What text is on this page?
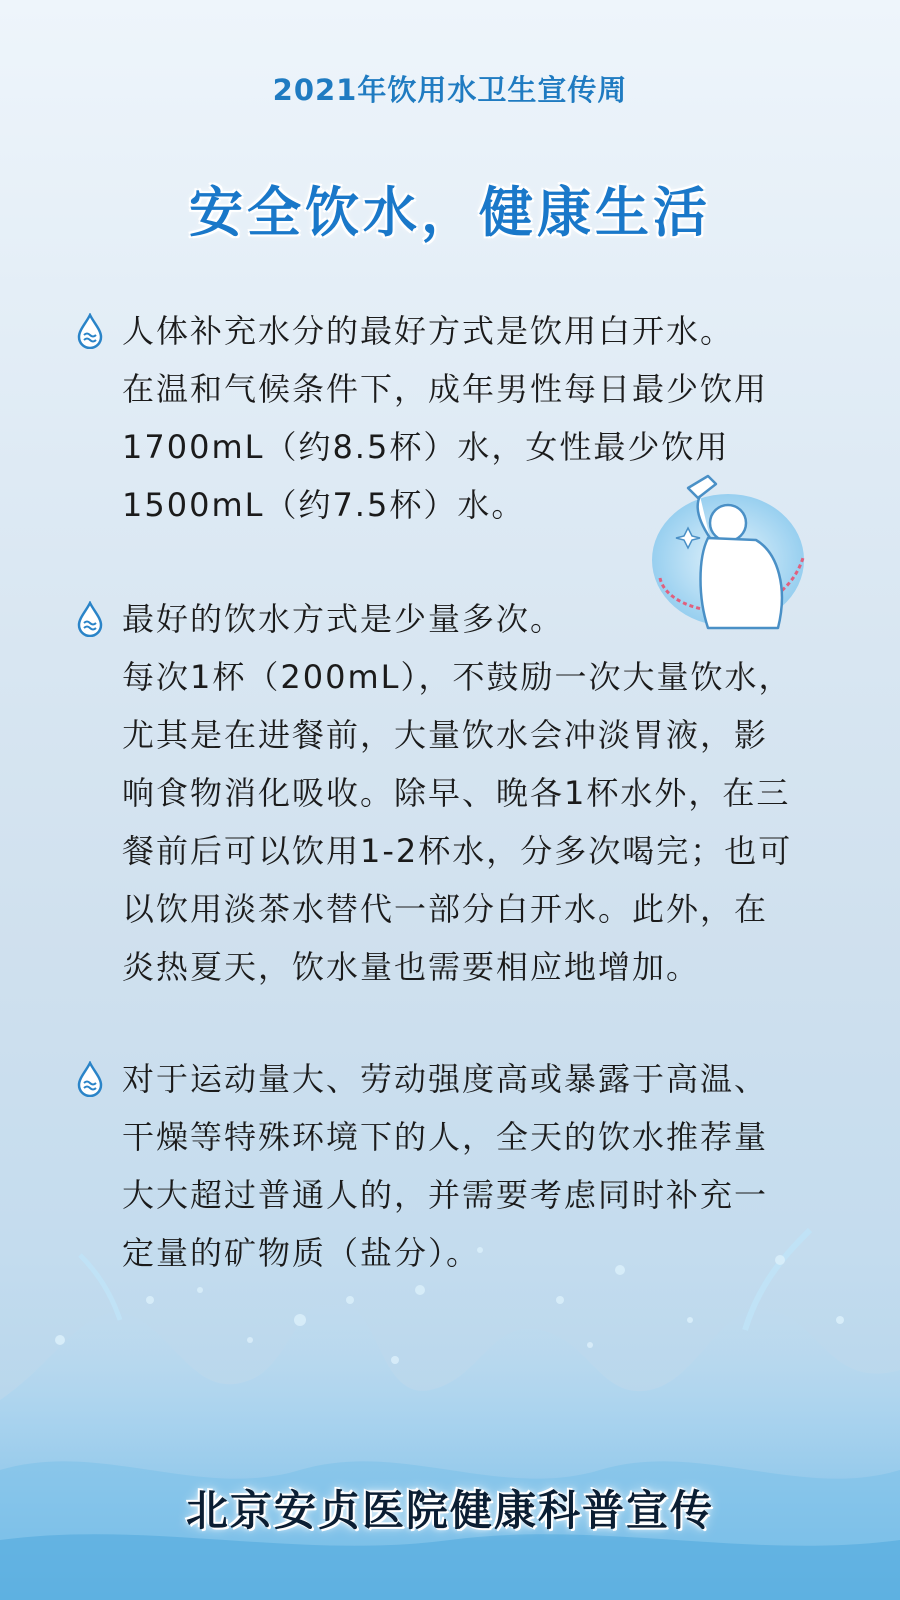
2021年饮用水卫生宣传周
安全饮水，健康生活
人体补充水分的最好方式是饮用白开水。
在温和气候条件下，成年男性每日最少饮用
1700mL（约8.5杯）水，女性最少饮用
1500mL（约7.5杯）水。
最好的饮水方式是少量多次。
每次1杯（200mL），不鼓励一次大量饮水，
尤其是在进餐前，大量饮水会冲淡胃液，影
响食物消化吸收。除早、晚各1杯水外，在三
餐前后可以饮用1-2杯水，分多次喝完；也可
以饮用淡茶水替代一部分白开水。此外，在
炎热夏天，饮水量也需要相应地增加。
对于运动量大、劳动强度高或暴露于高温、
干燥等特殊环境下的人，全天的饮水推荐量
大大超过普通人的，并需要考虑同时补充一
定量的矿物质（盐分）。
北京安贞医院健康科普宣传
